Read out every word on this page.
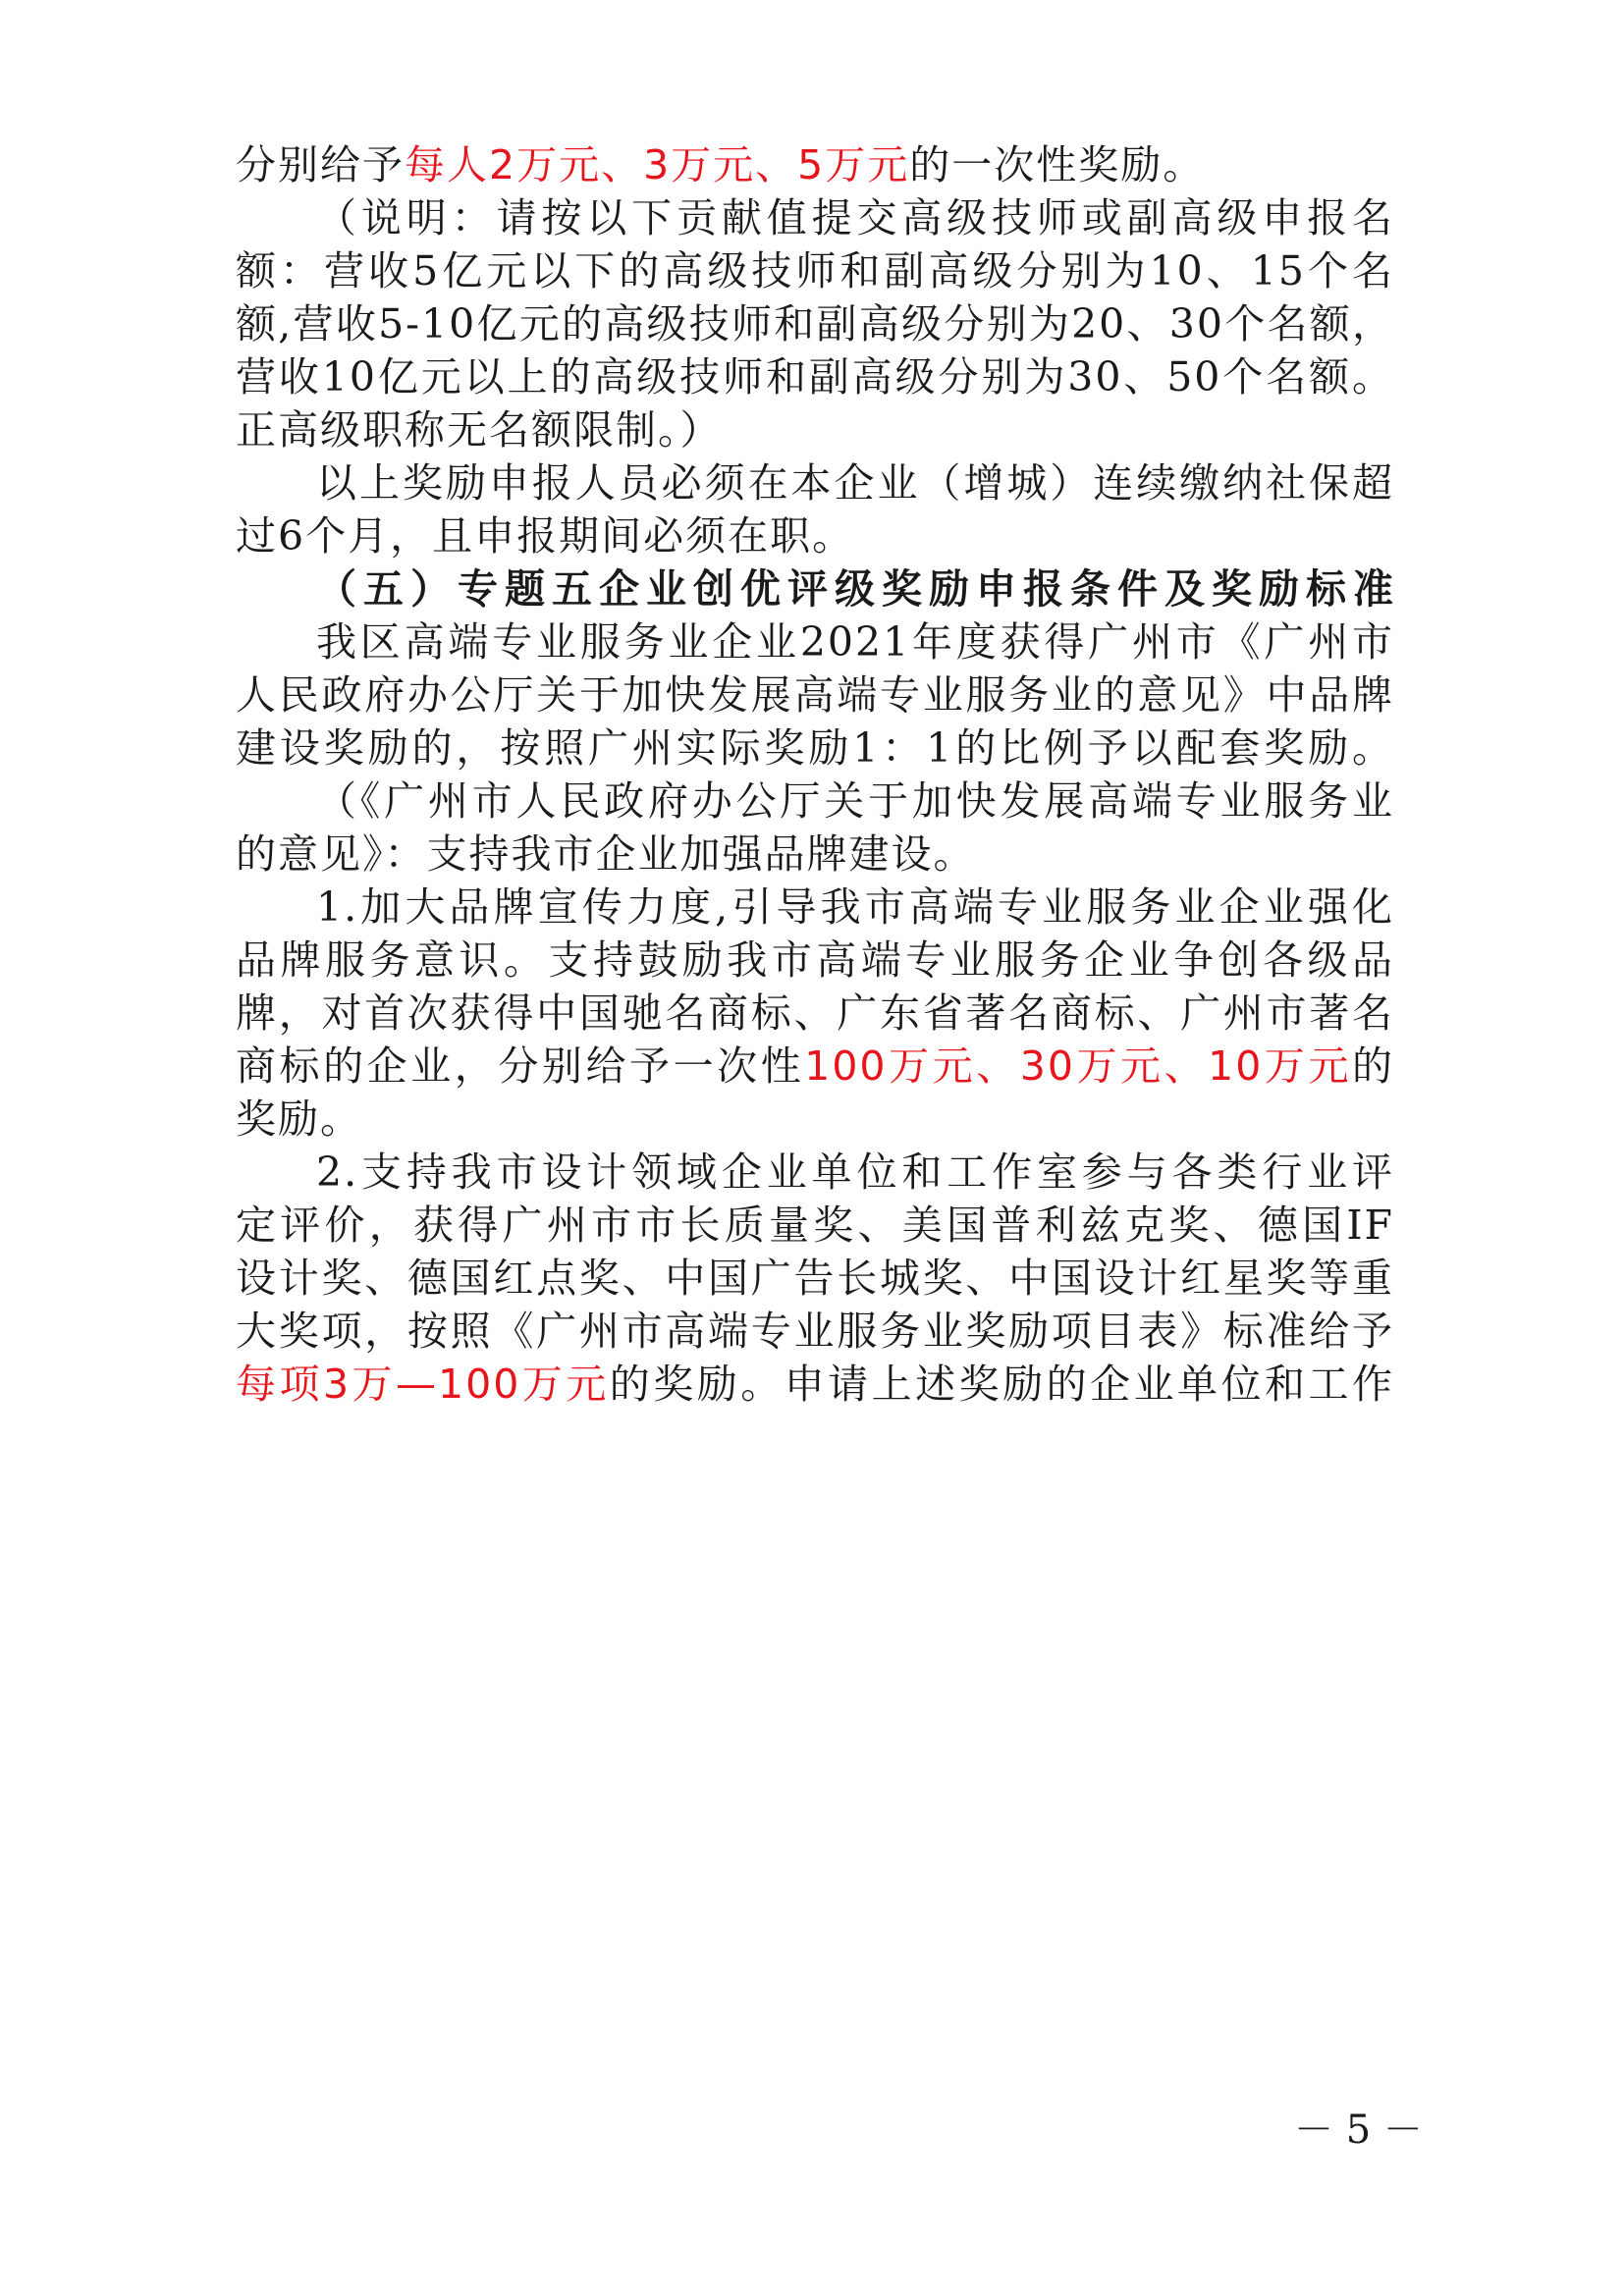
分别给予每人2万元、3万元、5万元的一次性奖励。
（说明：请按以下贡献值提交高级技师或副高级申报名
额：营收5亿元以下的高级技师和副高级分别为10、15个名
额,营收5-10亿元的高级技师和副高级分别为20、30个名额，
营收10亿元以上的高级技师和副高级分别为30、50个名额。
正高级职称无名额限制。）
以上奖励申报人员必须在本企业（增城）连续缴纳社保超
过6个月，且申报期间必须在职。
（五）专题五企业创优评级奖励申报条件及奖励标准
我区高端专业服务业企业2021年度获得广州市《广州市
人民政府办公厅关于加快发展高端专业服务业的意见》中品牌
建设奖励的，按照广州实际奖励1：1的比例予以配套奖励。
（《广州市人民政府办公厅关于加快发展高端专业服务业
的意见》：支持我市企业加强品牌建设。
1.加大品牌宣传力度,引导我市高端专业服务业企业强化
品牌服务意识。支持鼓励我市高端专业服务企业争创各级品
牌，对首次获得中国驰名商标、广东省著名商标、广州市著名
商标的企业，分别给予一次性100万元、30万元、10万元的
奖励。
2.支持我市设计领域企业单位和工作室参与各类行业评
定评价，获得广州市市长质量奖、美国普利兹克奖、德国IF
设计奖、德国红点奖、中国广告长城奖、中国设计红星奖等重
大奖项，按照《广州市高端专业服务业奖励项目表》标准给予
每项3万—100万元的奖励。申请上述奖励的企业单位和工作
－ 5 －
